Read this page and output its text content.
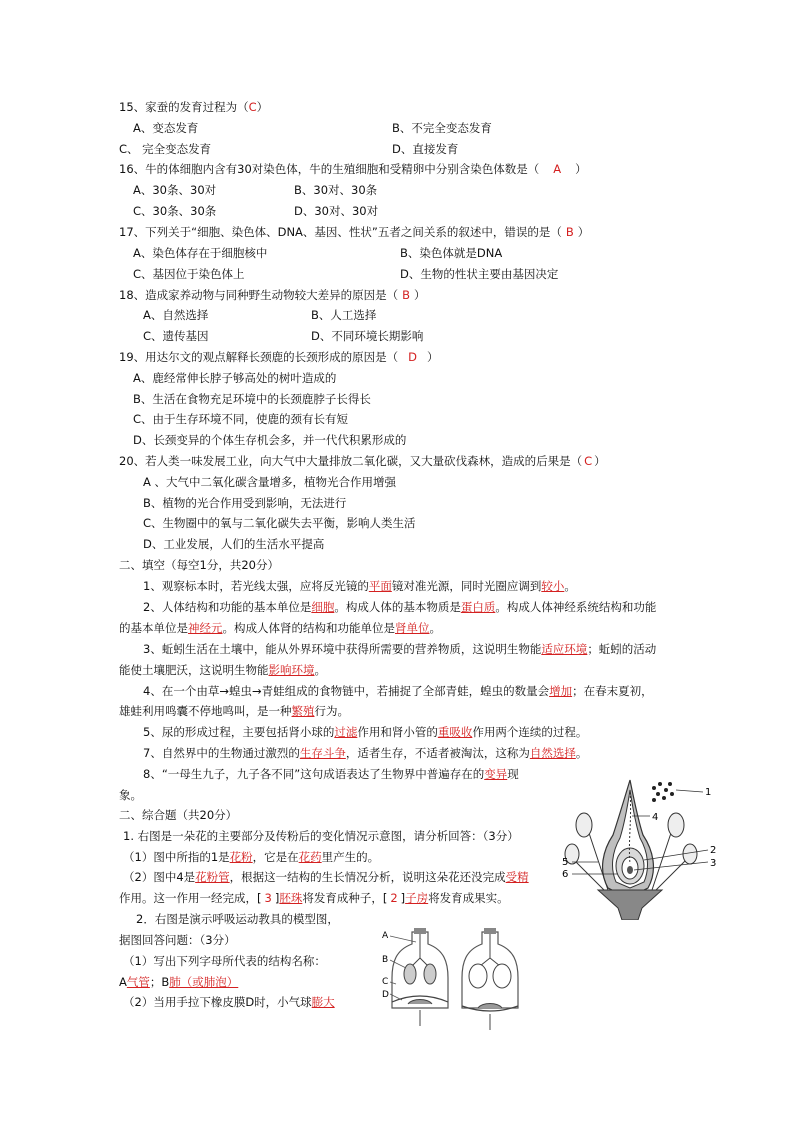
15、家蚕的发育过程为（C）
A、变态发育	B、不完全变态发育
C、 完全变态发育	D、直接发育
16、牛的体细胞内含有30对染色体，牛的生殖细胞和受精卵中分别含染色体数是（ A ）
A、30条、30对	B、30对、30条
C、30条、30条	D、30对、30对
17、下列关于“细胞、染色体、DNA、基因、性状”五者之间关系的叙述中，错误的是（ B ）
A、染色体存在于细胞核中	B、染色体就是DNA
C、基因位于染色体上	D、生物的性状主要由基因决定
18、造成家养动物与同种野生动物较大差异的原因是（ B ）
A、自然选择	B、人工选择
C、遗传基因	D、不同环境长期影响
19、用达尔文的观点解释长颈鹿的长颈形成的原因是（ D ）
A、鹿经常伸长脖子够高处的树叶造成的
B、生活在食物充足环境中的长颈鹿脖子长得长
C、由于生存环境不同，使鹿的颈有长有短
D、长颈变异的个体生存机会多，并一代代积累形成的
20、若人类一味发展工业，向大气中大量排放二氧化碳，又大量砍伐森林，造成的后果是（ C ）
A 、大气中二氧化碳含量增多，植物光合作用增强
B、植物的光合作用受到影响，无法进行
C、生物圈中的氧与二氧化碳失去平衡，影响人类生活
D、工业发展，人们的生活水平提高
二、填空（每空1分，共20分）
1、观察标本时，若光线太强，应将反光镜的平面镜对准光源，同时光圈应调到较小。
2、人体结构和功能的基本单位是细胞。构成人体的基本物质是蛋白质。构成人体神经系统结构和功能
的基本单位是神经元。构成人体肾的结构和功能单位是肾单位。
3、蚯蚓生活在土壤中，能从外界环境中获得所需要的营养物质，这说明生物能适应环境；蚯蚓的活动
能使土壤肥沃，这说明生物能影响环境。
4、在一个由草→蝗虫→青蛙组成的食物链中，若捕捉了全部青蛙，蝗虫的数量会增加；在春末夏初，
雄蛙利用鸣囊不停地鸣叫，是一种繁殖行为。
5、尿的形成过程，主要包括肾小球的过滤作用和肾小管的重吸收作用两个连续的过程。
7、自然界中的生物通过激烈的生存斗争，适者生存，不适者被淘汰，这称为自然选择。
8、“一母生九子，九子各不同”这句成语表达了生物界中普遍存在的变异现
象。
二、综合题（共20分）
1. 右图是一朵花的主要部分及传粉后的变化情况示意图，请分析回答：（3分）
（1）图中所指的1是花粉，它是在花药里产生的。
（2）图中4是花粉管，根据这一结构的生长情况分析，说明这朵花还没完成受精
作用。这一作用一经完成，[ 3 ]胚珠将发育成种子，[ 2 ]子房将发育成果实。
2．右图是演示呼吸运动教具的模型图，
据图回答问题：（3分）
（1）写出下列字母所代表的结构名称：
A气管；B肺（或肺泡）
（2）当用手拉下橡皮膜D时，小气球膨大
1
4
2
3
5
6
A
B
C
D
